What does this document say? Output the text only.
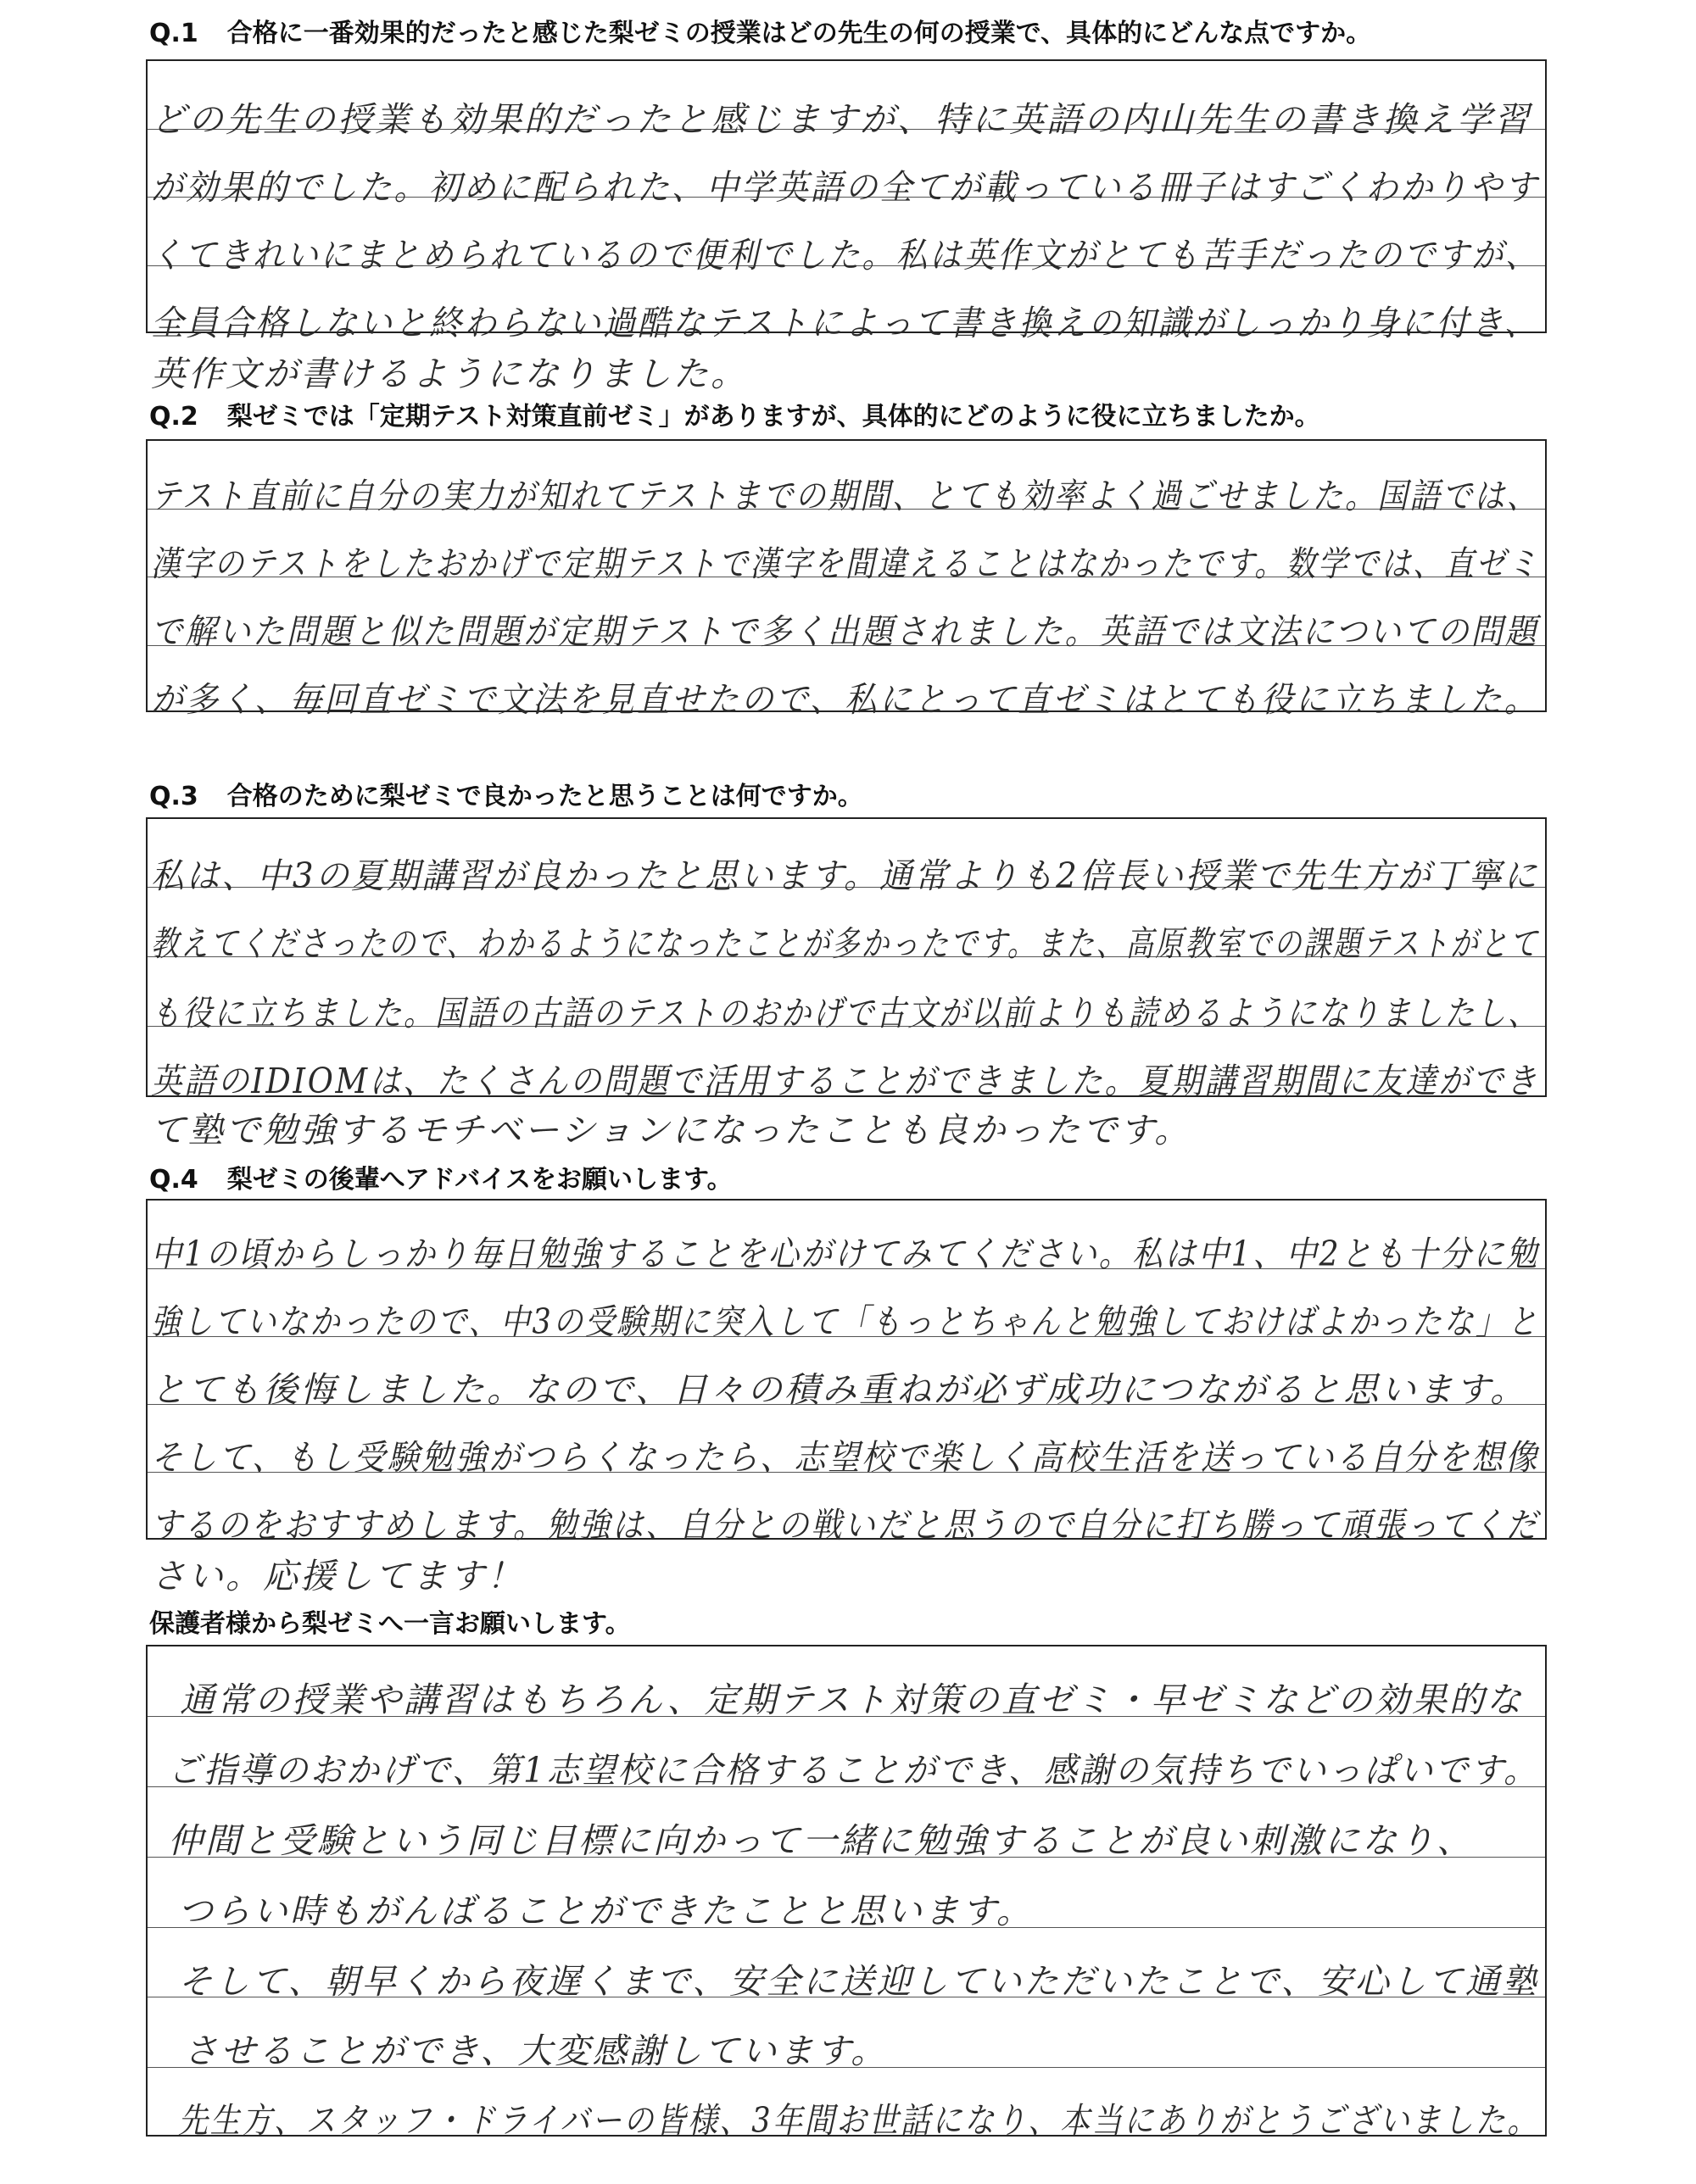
Q.1 合格に一番効果的だったと感じた梨ゼミの授業はどの先生の何の授業で、具体的にどんな点ですか。
どの先生の授業も効果的だったと感じますが、特に英語の内山先生の書き換え学習
が効果的でした。初めに配られた、中学英語の全てが載っている冊子はすごくわかりやす
くてきれいにまとめられているので便利でした。私は英作文がとても苦手だったのですが、
全員合格しないと終わらない過酷なテストによって書き換えの知識がしっかり身に付き、
英作文が書けるようになりました。
Q.2 梨ゼミでは「定期テスト対策直前ゼミ」がありますが、具体的にどのように役に立ちましたか。
テスト直前に自分の実力が知れてテストまでの期間、とても効率よく過ごせました。国語では、
漢字のテストをしたおかげで定期テストで漢字を間違えることはなかったです。数学では、直ゼミ
で解いた問題と似た問題が定期テストで多く出題されました。英語では文法についての問題
が多く、毎回直ゼミで文法を見直せたので、私にとって直ゼミはとても役に立ちました。
Q.3 合格のために梨ゼミで良かったと思うことは何ですか。
私は、中3の夏期講習が良かったと思います。通常よりも2倍長い授業で先生方が丁寧に
教えてくださったので、わかるようになったことが多かったです。また、高原教室での課題テストがとて
も役に立ちました。国語の古語のテストのおかげで古文が以前よりも読めるようになりましたし、
英語のIDIOMは、たくさんの問題で活用することができました。夏期講習期間に友達ができ
て塾で勉強するモチベーションになったことも良かったです。
Q.4 梨ゼミの後輩へアドバイスをお願いします。
中1の頃からしっかり毎日勉強することを心がけてみてください。私は中1、中2とも十分に勉
強していなかったので、中3の受験期に突入して「もっとちゃんと勉強しておけばよかったな」と
とても後悔しました。なので、日々の積み重ねが必ず成功につながると思います。
そして、もし受験勉強がつらくなったら、志望校で楽しく高校生活を送っている自分を想像
するのをおすすめします。勉強は、自分との戦いだと思うので自分に打ち勝って頑張ってくだ
さい。応援してます！
保護者様から梨ゼミへ一言お願いします。
通常の授業や講習はもちろん、定期テスト対策の直ゼミ・早ゼミなどの効果的な
ご指導のおかげで、第1志望校に合格することができ、感謝の気持ちでいっぱいです。
仲間と受験という同じ目標に向かって一緒に勉強することが良い刺激になり、
つらい時もがんばることができたことと思います。
そして、朝早くから夜遅くまで、安全に送迎していただいたことで、安心して通塾
させることができ、大変感謝しています。
先生方、スタッフ・ドライバーの皆様、3年間お世話になり、本当にありがとうございました。
